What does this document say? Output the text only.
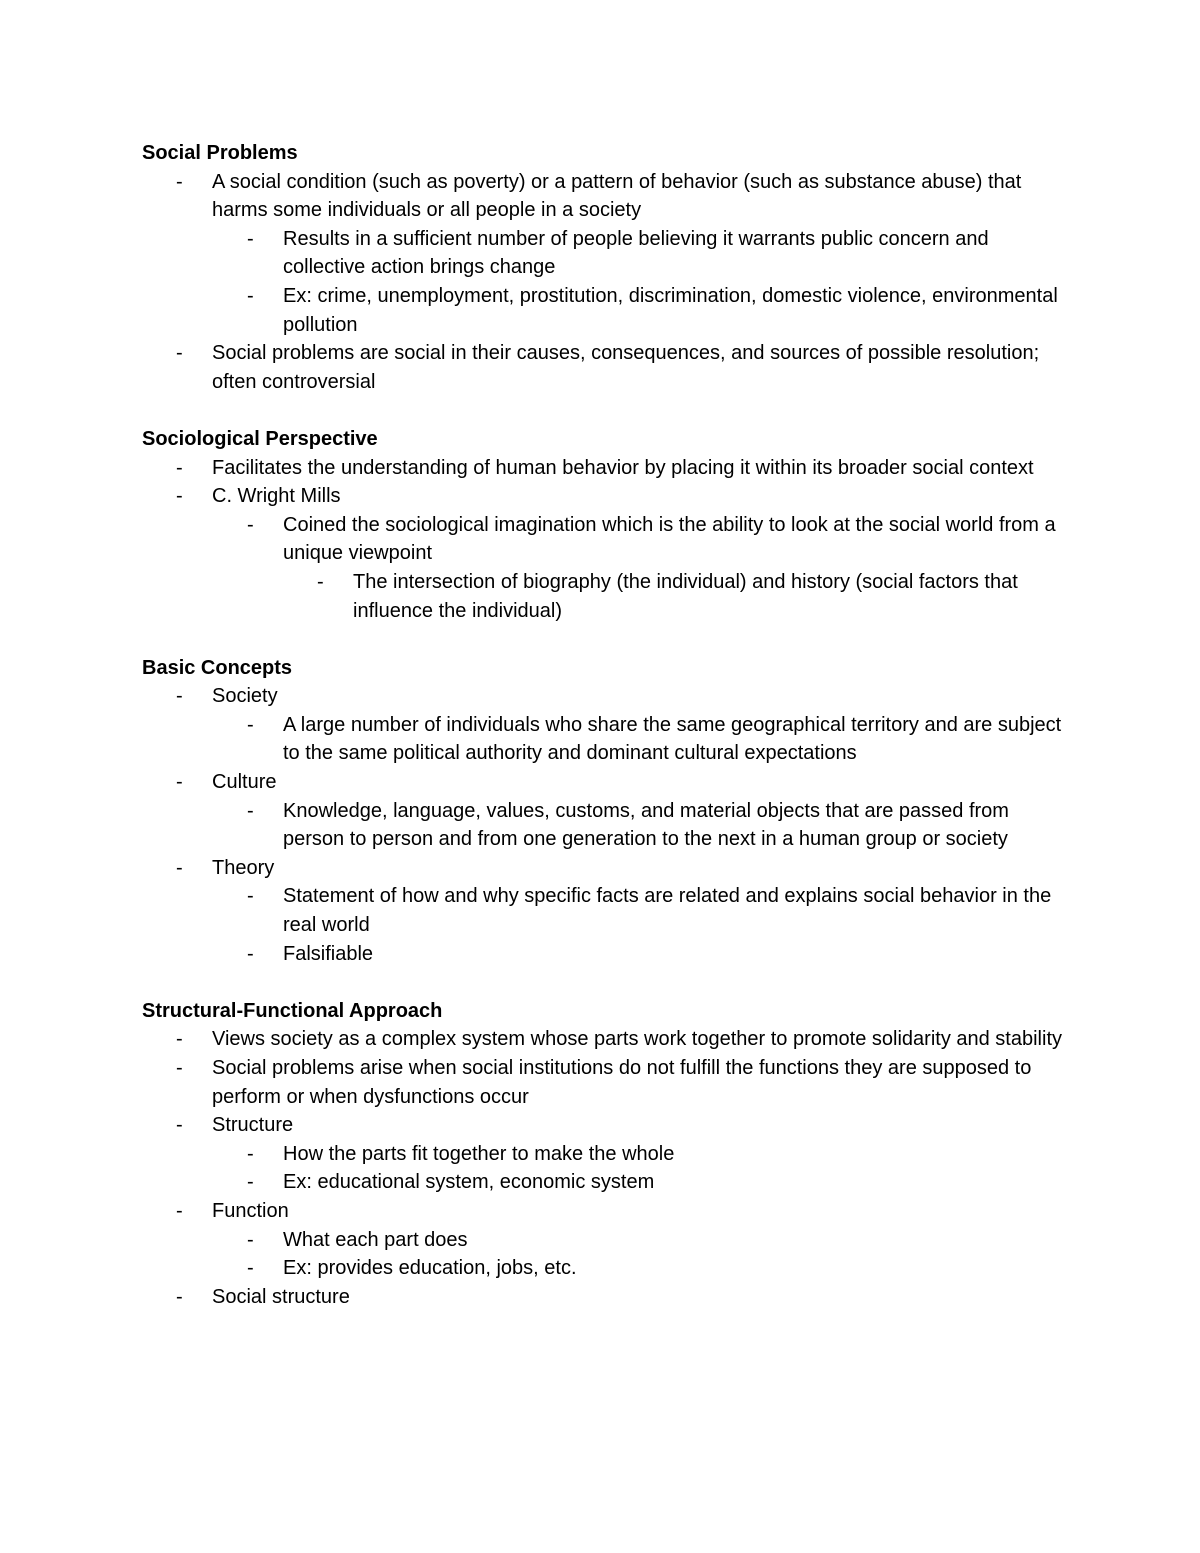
Social Problems

- A social condition (such as poverty) or a pattern of behavior (such as substance abuse) that harms some individuals or all people in a society
- Results in a sufficient number of people believing it warrants public concern and collective action brings change
- Ex: crime, unemployment, prostitution, discrimination, domestic violence, environmental pollution
- Social problems are social in their causes, consequences, and sources of possible resolution; often controversial

Sociological Perspective

- Facilitates the understanding of human behavior by placing it within its broader social context
- C. Wright Mills
- Coined the sociological imagination which is the ability to look at the social world from a unique viewpoint
- The intersection of biography (the individual) and history (social factors that influence the individual)

Basic Concepts

- Society
- A large number of individuals who share the same geographical territory and are subject to the same political authority and dominant cultural expectations
- Culture
- Knowledge, language, values, customs, and material objects that are passed from person to person and from one generation to the next in a human group or society
- Theory
- Statement of how and why specific facts are related and explains social behavior in the real world
- Falsifiable

Structural-Functional Approach

- Views society as a complex system whose parts work together to promote solidarity and stability
- Social problems arise when social institutions do not fulfill the functions they are supposed to perform or when dysfunctions occur
- Structure
- How the parts fit together to make the whole
- Ex: educational system, economic system
- Function
- What each part does
- Ex: provides education, jobs, etc.
- Social structure
